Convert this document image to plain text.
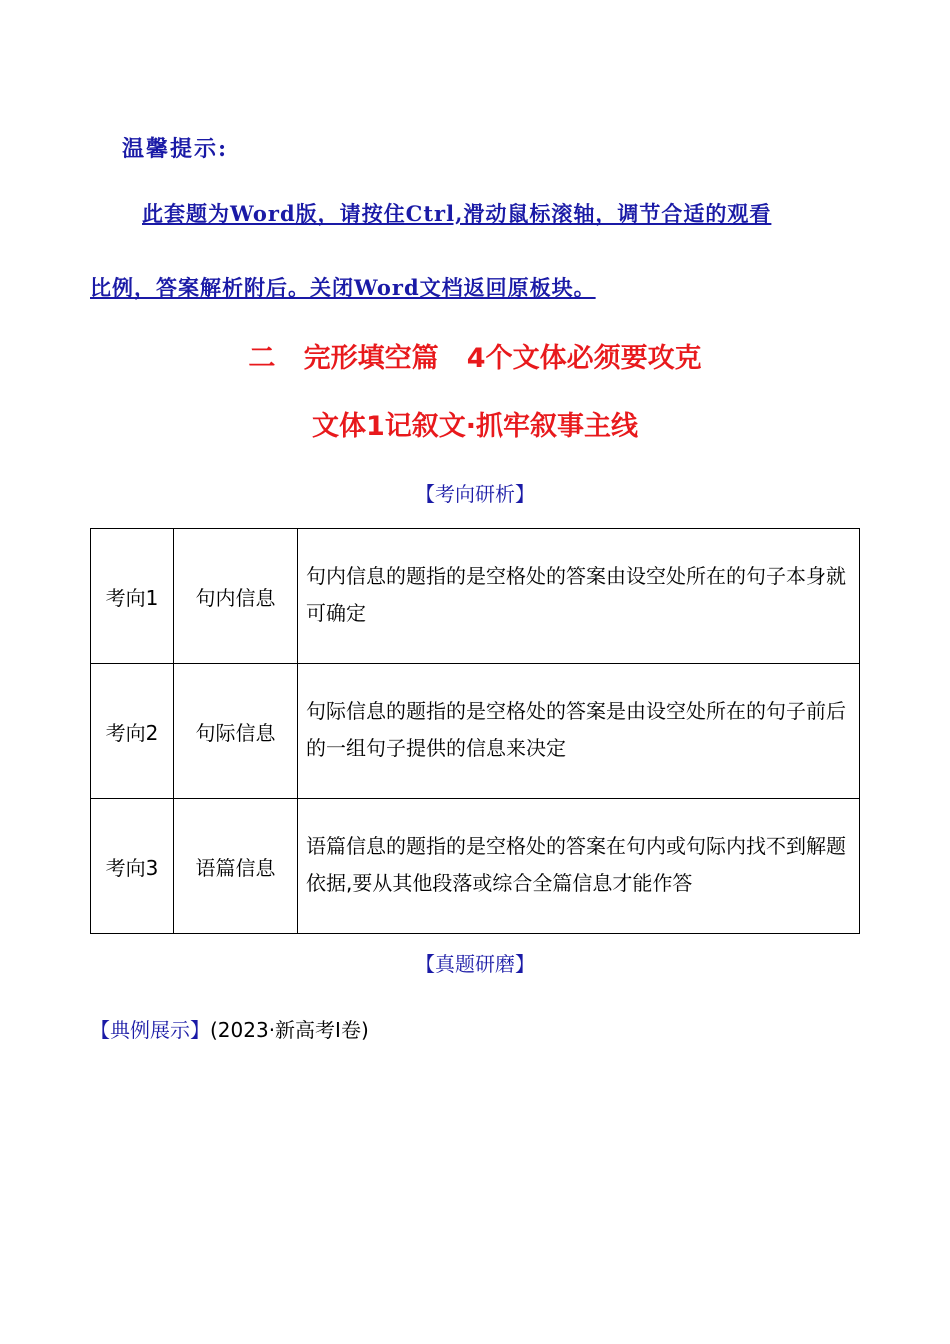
温馨提示:
此套题为Word版，请按住Ctrl,滑动鼠标滚轴，调节合适的观看
比例，答案解析附后。关闭Word文档返回原板块。
二   完形填空篇   4个文体必须要攻克
文体1记叙文·抓牢叙事主线
【考向研析】
考向1	句内信息	句内信息的题指的是空格处的答案由设空处所在的句子本身就可确定
考向2	句际信息	句际信息的题指的是空格处的答案是由设空处所在的句子前后的一组句子提供的信息来决定
考向3	语篇信息	语篇信息的题指的是空格处的答案在句内或句际内找不到解题依据,要从其他段落或综合全篇信息才能作答
【真题研磨】
【典例展示】(2023·新高考Ⅰ卷)
